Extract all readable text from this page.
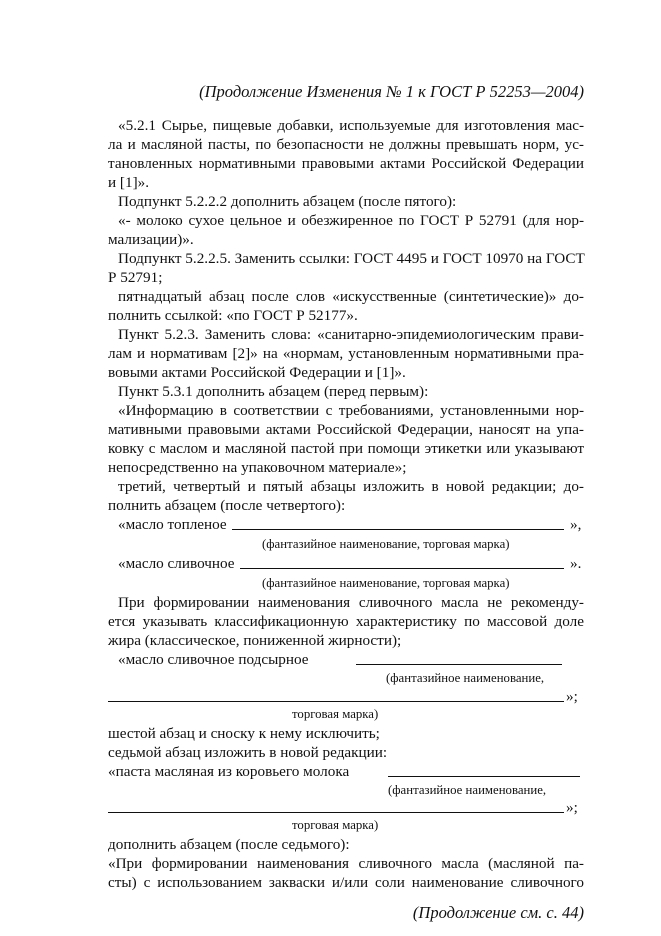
(Продолжение Изменения № 1 к ГОСТ Р 52253—2004)
«5.2.1 Сырье, пищевые добавки, используемые для изготовления мас-
ла и масляной пасты, по безопасности не должны превышать норм, ус-
тановленных нормативными правовыми актами Российской Федерации
и [1]».
Подпункт 5.2.2.2 дополнить абзацем (после пятого):
«- молоко сухое цельное и обезжиренное по ГОСТ Р 52791 (для нор-
мализации)».
Подпункт 5.2.2.5. Заменить ссылки: ГОСТ 4495 и ГОСТ 10970 на ГОСТ
Р 52791;
пятнадцатый абзац после слов «искусственные (синтетические)» до-
полнить ссылкой: «по ГОСТ Р 52177».
Пункт 5.2.3. Заменить слова: «санитарно-эпидемиологическим прави-
лам и нормативам [2]» на «нормам, установленным нормативными пра-
вовыми актами Российской Федерации и [1]».
Пункт 5.3.1 дополнить абзацем (перед первым):
«Информацию в соответствии с требованиями, установленными нор-
мативными правовыми актами Российской Федерации, наносят на упа-
ковку с маслом и масляной пастой при помощи этикетки или указывают
непосредственно на упаковочном материале»;
третий, четвертый и пятый абзацы изложить в новой редакции; до-
полнить абзацем (после четвертого):
«масло топленое	»,
(фантазийное наименование, торговая марка)
«масло сливочное	».
(фантазийное наименование, торговая марка)
При формировании наименования сливочного масла не рекоменду-
ется указывать классификационную характеристику по массовой доле
жира (классическое, пониженной жирности);
«масло сливочное подсырное
(фантазийное наименование,
»;
торговая марка)
шестой абзац и сноску к нему исключить;
седьмой абзац изложить в новой редакции:
«паста масляная из коровьего молока
(фантазийное наименование,
»;
торговая марка)
дополнить абзацем (после седьмого):
«При формировании наименования сливочного масла (масляной па-
сты) с использованием закваски и/или соли наименование сливочного
(Продолжение см. с. 44)
